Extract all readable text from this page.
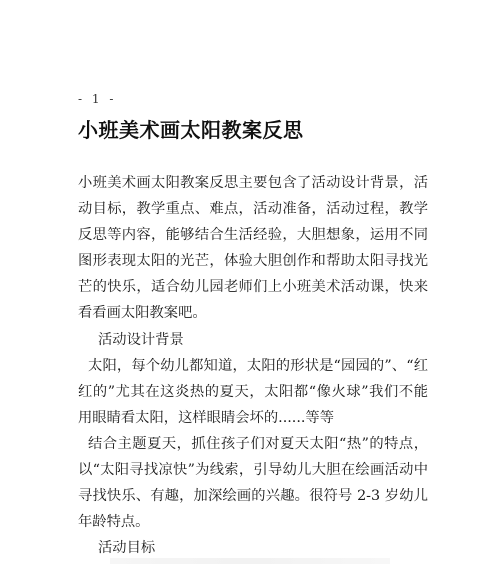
- 1 -
小班美术画太阳教案反思

小班美术画太阳教案反思主要包含了活动设计背景，活动目标，教学重点、难点，活动准备，活动过程，教学反思等内容，能够结合生活经验，大胆想象，运用不同图形表现太阳的光芒，体验大胆创作和帮助太阳寻找光芒的快乐，适合幼儿园老师们上小班美术活动课，快来看看画太阳教案吧。

活动设计背景

太阳，每个幼儿都知道，太阳的形状是“园园的”、“红红的”尤其在这炎热的夏天，太阳都“像火球”我们不能用眼睛看太阳，这样眼睛会坏的......等等

结合主题夏天，抓住孩子们对夏天太阳“热”的特点，以“太阳寻找凉快”为线索，引导幼儿大胆在绘画活动中寻找快乐、有趣，加深绘画的兴趣。很符号 2-3 岁幼儿年龄特点。

活动目标
